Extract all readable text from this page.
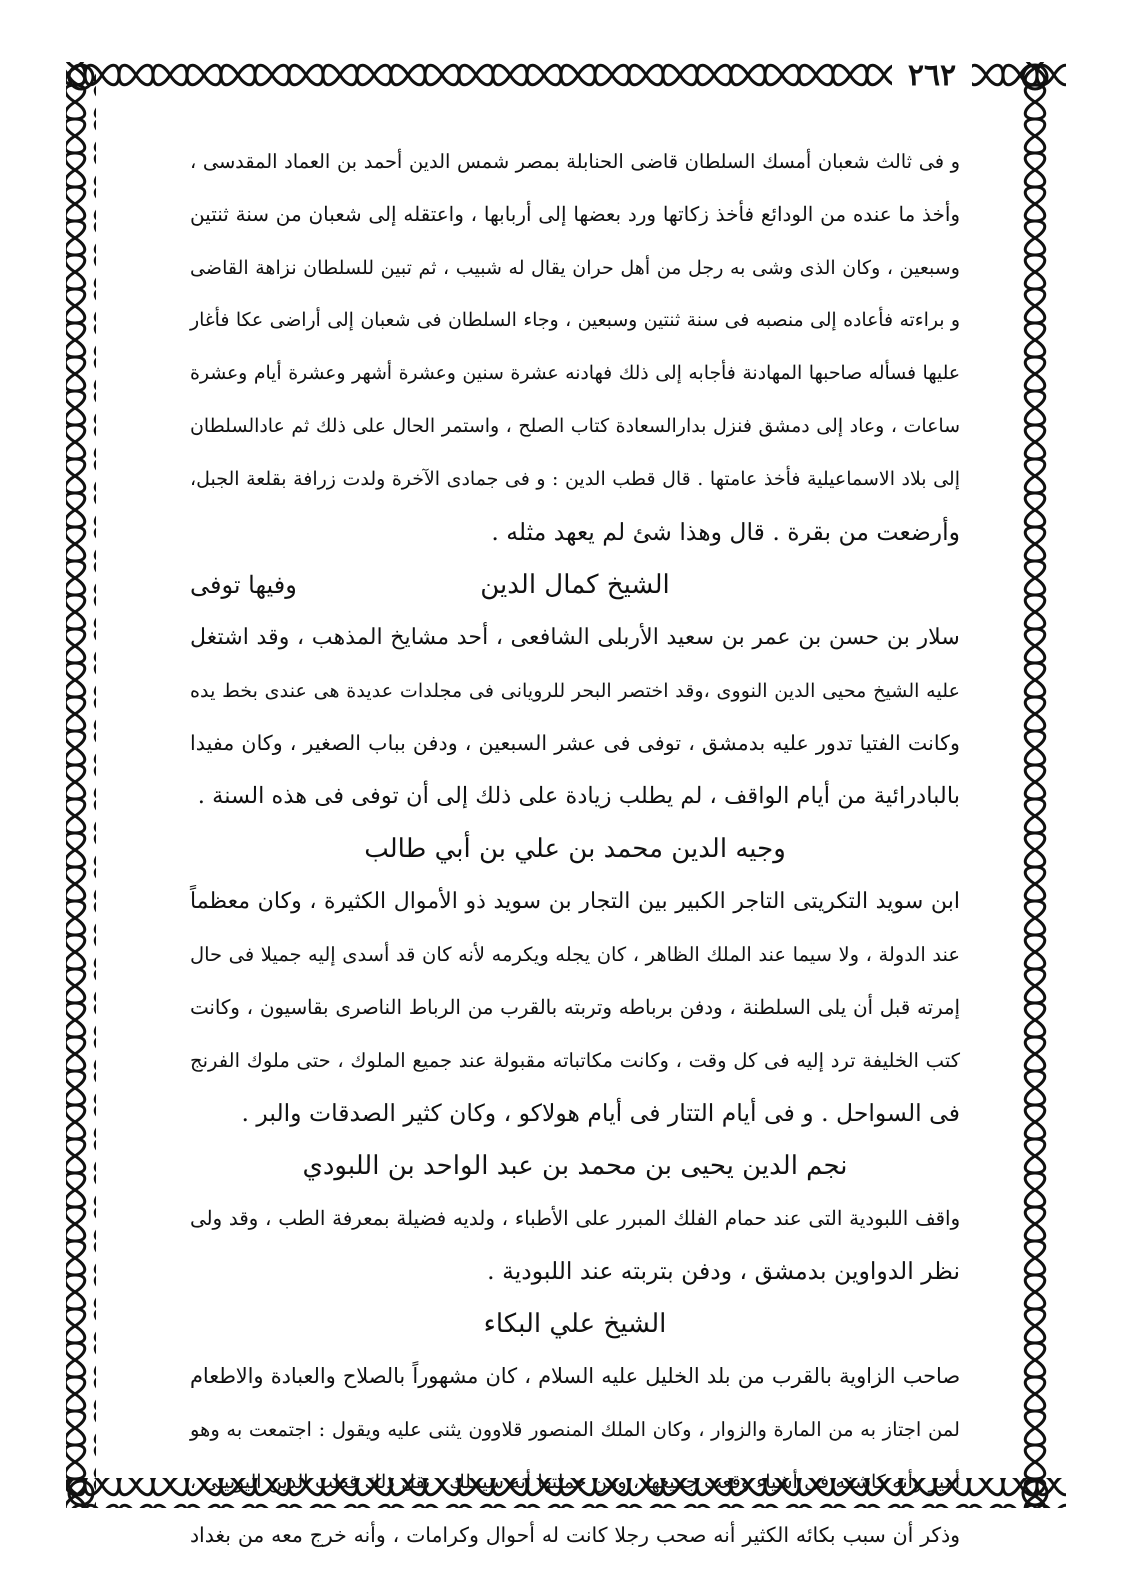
٢٦٢
و فى ثالث شعبان أمسك السلطان قاضى الحنابلة بمصر شمس الدين أحمد بن العماد المقدسى ،
وأخذ ما عنده من الودائع فأخذ زكاتها ورد بعضها إلى أربابها ، واعتقله إلى شعبان من سنة ثنتين
وسبعين ، وكان الذى وشى به رجل من أهل حران يقال له شبيب ، ثم تبين للسلطان نزاهة القاضى
و براءته فأعاده إلى منصبه فى سنة ثنتين وسبعين ، وجاء السلطان فى شعبان إلى أراضى عكا فأغار
عليها فسأله صاحبها المهادنة فأجابه إلى ذلك فهادنه عشرة سنين وعشرة أشهر وعشرة أيام وعشرة
ساعات ، وعاد إلى دمشق فنزل بدارالسعادة كتاب الصلح ، واستمر الحال على ذلك ثم عادالسلطان
إلى بلاد الاسماعيلية فأخذ عامتها . قال قطب الدين : و فى جمادى الآخرة ولدت زرافة بقلعة الجبل،
وأرضعت من بقرة . قال وهذا شئ لم يعهد مثله .
الشيخ كمال الدين
وفيها توفى
سلار بن حسن بن عمر بن سعيد الأربلى الشافعى ، أحد مشايخ المذهب ، وقد اشتغل
عليه الشيخ محيى الدين النووى ،وقد اختصر البحر للرويانى فى مجلدات عديدة هى عندى بخط يده
وكانت الفتيا تدور عليه بدمشق ، توفى فى عشر السبعين ، ودفن بباب الصغير ، وكان مفيدا
بالبادرائية من أيام الواقف ، لم يطلب زيادة على ذلك إلى أن توفى فى هذه السنة .
وجيه الدين محمد بن علي بن أبي طالب
ابن سويد التكريتى التاجر الكبير بين التجار بن سويد ذو الأموال الكثيرة ، وكان معظماً
عند الدولة ، ولا سيما عند الملك الظاهر ، كان يجله ويكرمه لأنه كان قد أسدى إليه جميلا فى حال
إمرته قبل أن يلى السلطنة ، ودفن برباطه وتربته بالقرب من الرباط الناصرى بقاسيون ، وكانت
كتب الخليفة ترد إليه فى كل وقت ، وكانت مكاتباته مقبولة عند جميع الملوك ، حتى ملوك الفرنج
فى السواحل . و فى أيام التتار فى أيام هولاكو ، وكان كثير الصدقات والبر .
نجم الدين يحيى بن محمد بن عبد الواحد بن اللبودي
واقف اللبودية التى عند حمام الفلك المبرر على الأطباء ، ولديه فضيلة بمعرفة الطب ، وقد ولى
نظر الدواوين بدمشق ، ودفن بتربته عند اللبودية .
الشيخ علي البكاء
صاحب الزاوية بالقرب من بلد الخليل عليه السلام ، كان مشهوراً بالصلاح والعبادة والاطعام
لمن اجتاز به من المارة والزوار ، وكان الملك المنصور قلاوون يثنى عليه ويقول : اجتمعت به وهو
أمير وأنه كاشفه فى أشياء وقعت جميعها ، ومن جملتها أنه سيملك . نقل ذلك قطب الدين اليونينى ،
وذكر أن سبب بكائه الكثير أنه صحب رجلا كانت له أحوال وكرامات ، وأنه خرج معه من بغداد
